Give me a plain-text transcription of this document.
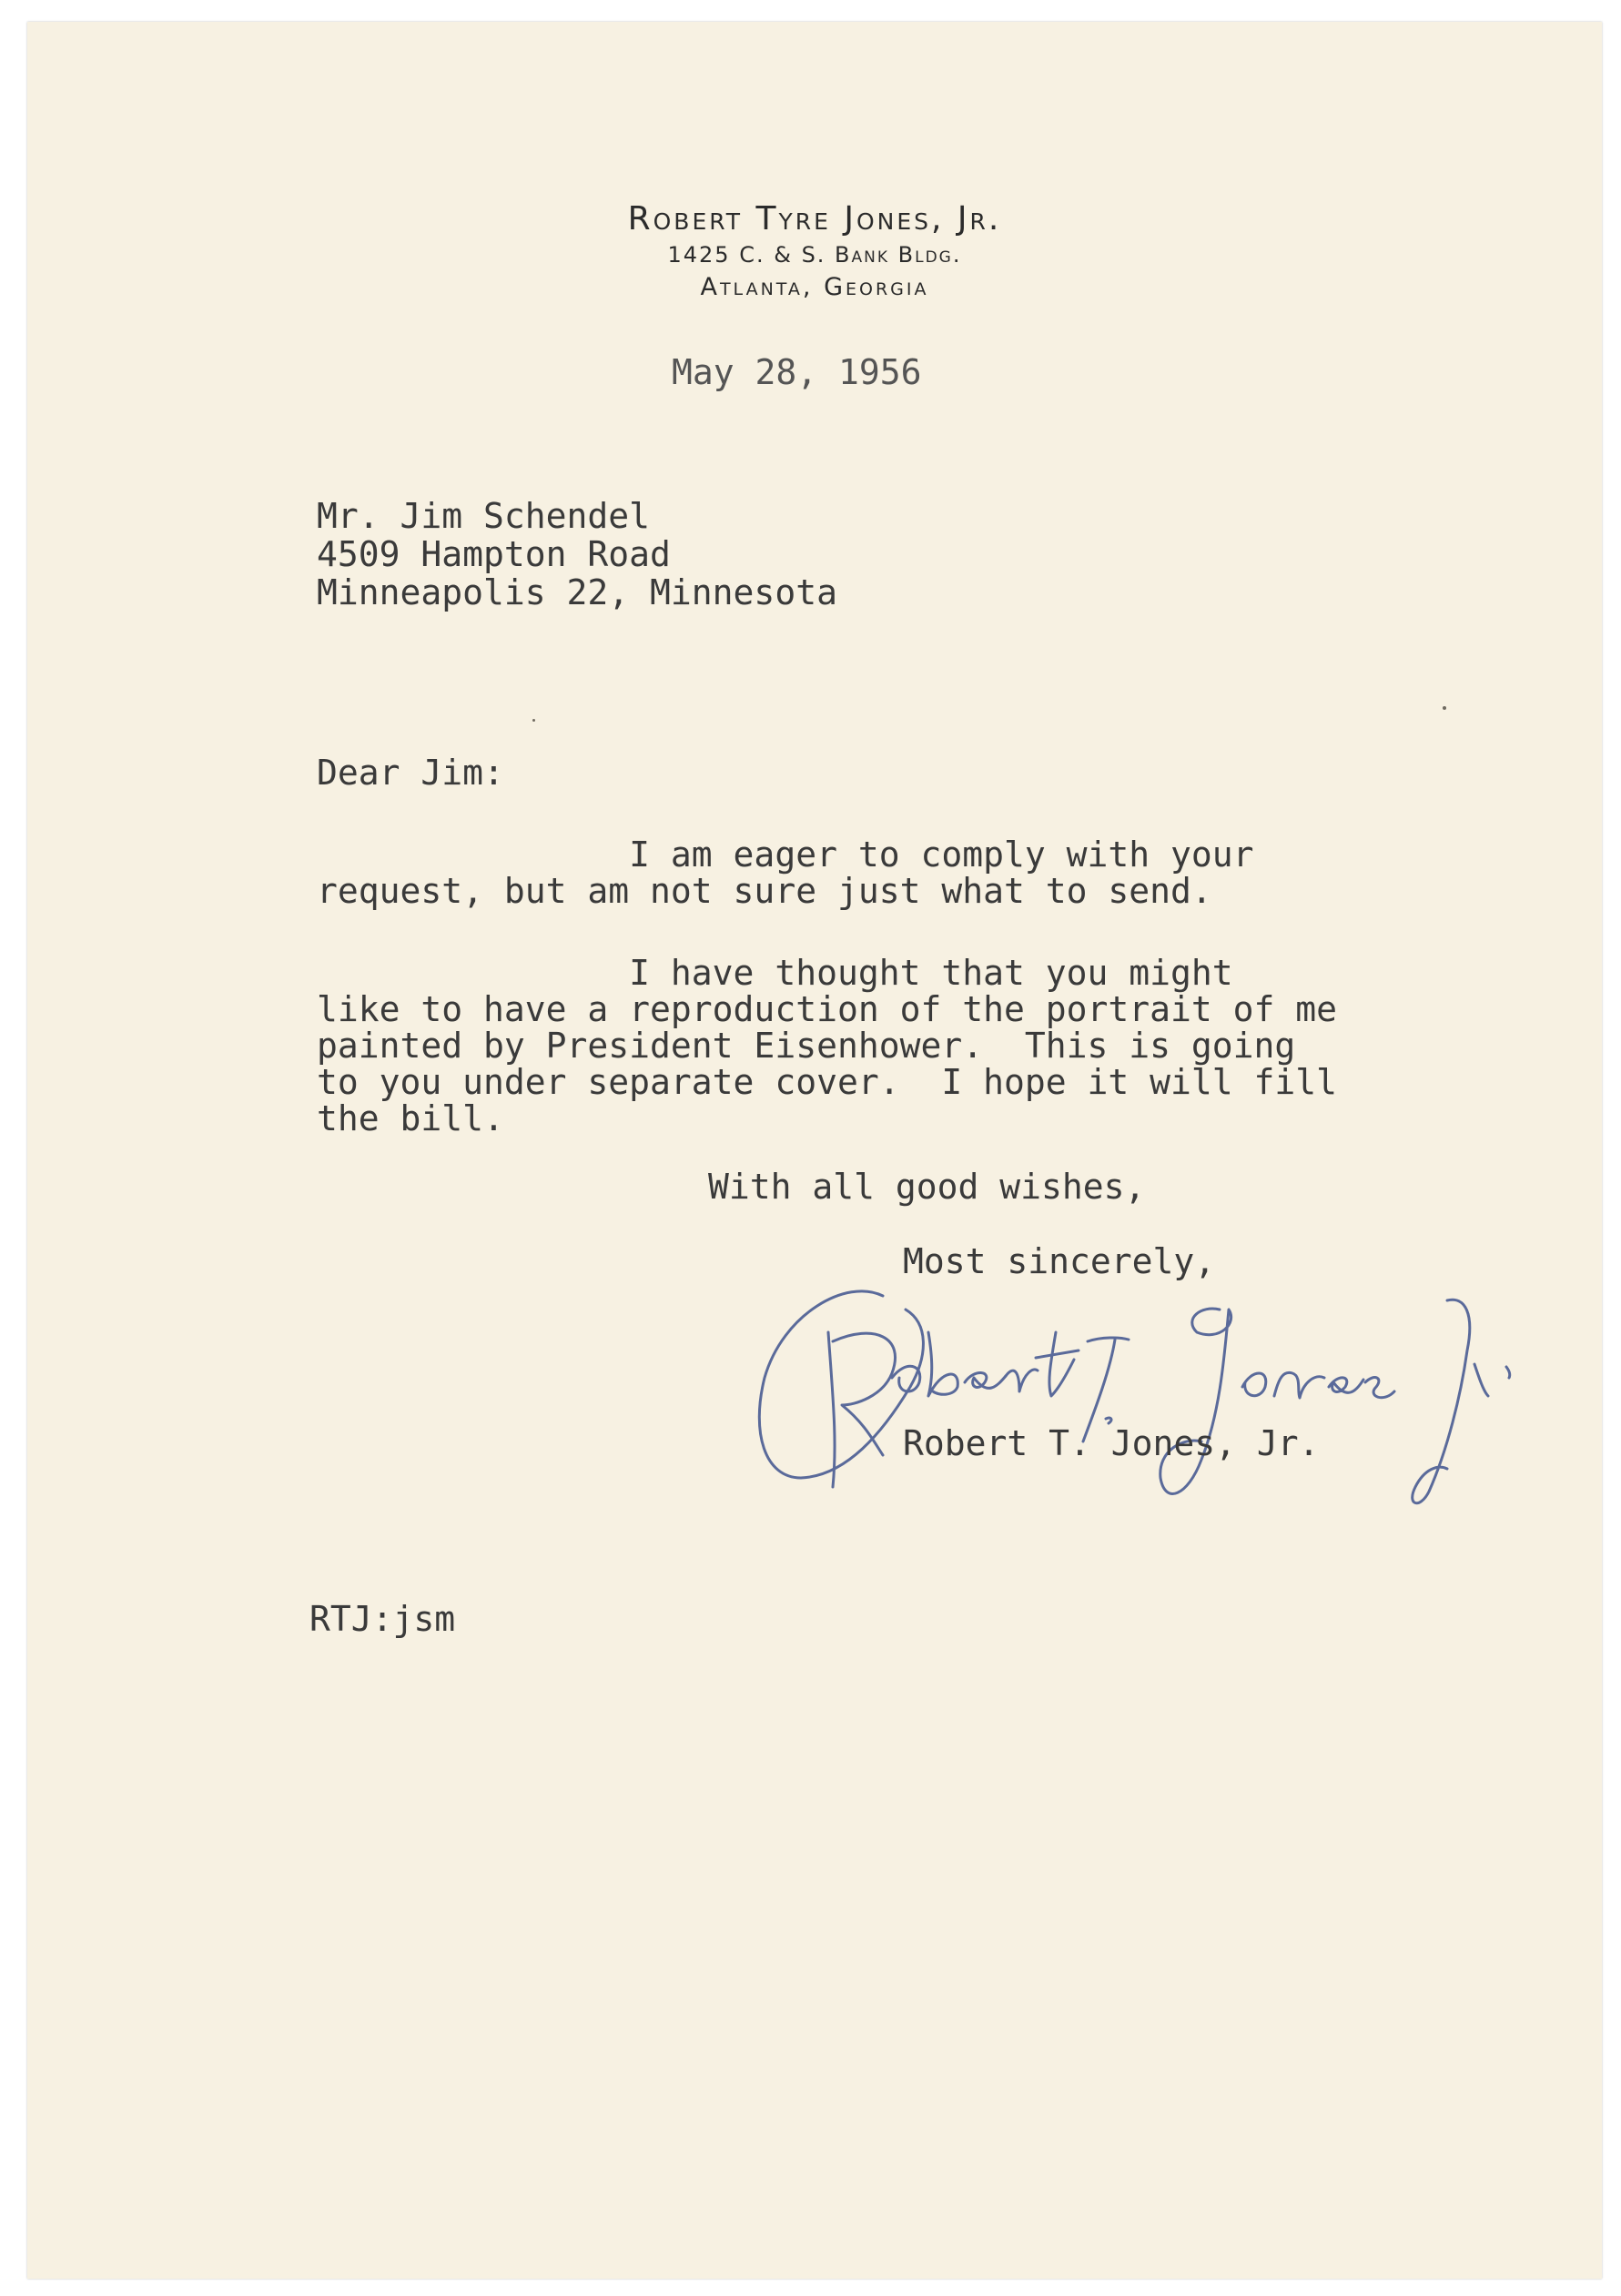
Robert Tyre Jones, Jr.
1425 C. & S. Bank Bldg.
Atlanta, Georgia
May 28, 1956
Mr. Jim Schendel
4509 Hampton Road
Minneapolis 22, Minnesota
Dear Jim:
I am eager to comply with your
request, but am not sure just what to send.
I have thought that you might
like to have a reproduction of the portrait of me
painted by President Eisenhower.  This is going
to you under separate cover.  I hope it will fill
the bill.
With all good wishes,
Most sincerely,
Robert T. Jones, Jr.
RTJ:jsm
